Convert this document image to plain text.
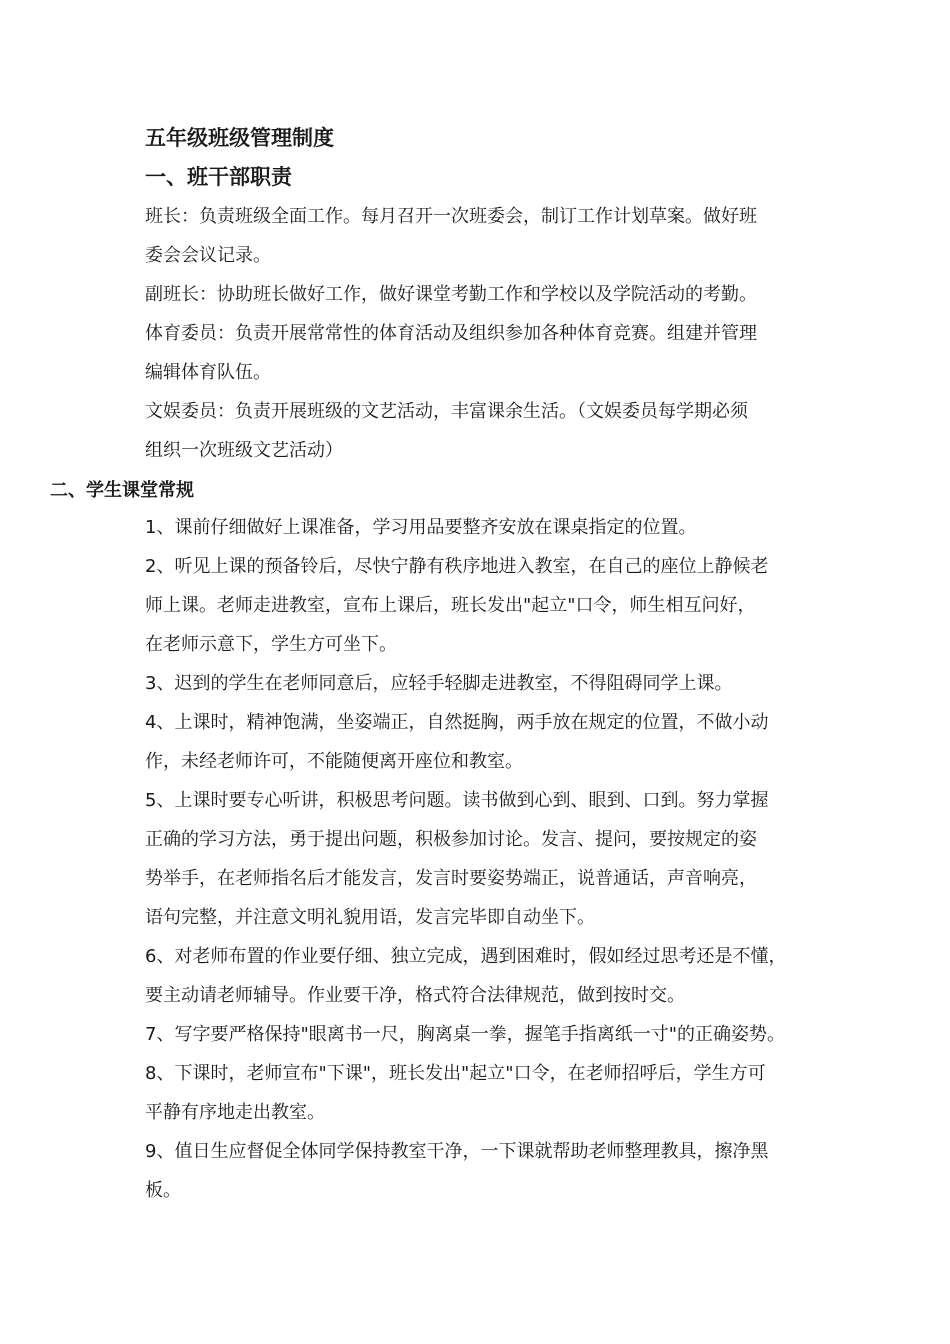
五年级班级管理制度
一、班干部职责
班长：负责班级全面工作。每月召开一次班委会，制订工作计划草案。做好班
委会会议记录。
副班长：协助班长做好工作，做好课堂考勤工作和学校以及学院活动的考勤。
体育委员：负责开展常常性的体育活动及组织参加各种体育竞赛。组建并管理
编辑体育队伍。
文娱委员：负责开展班级的文艺活动，丰富课余生活。（文娱委员每学期必须
组织一次班级文艺活动）
二、学生课堂常规
1、课前仔细做好上课准备，学习用品要整齐安放在课桌指定的位置。
2、听见上课的预备铃后，尽快宁静有秩序地进入教室，在自己的座位上静候老
师上课。老师走进教室，宣布上课后，班长发出"起立"口令，师生相互问好，
在老师示意下，学生方可坐下。
3、迟到的学生在老师同意后，应轻手轻脚走进教室，不得阻碍同学上课。
4、上课时，精神饱满，坐姿端正，自然挺胸，两手放在规定的位置，不做小动
作，未经老师许可，不能随便离开座位和教室。
5、上课时要专心听讲，积极思考问题。读书做到心到、眼到、口到。努力掌握
正确的学习方法，勇于提出问题，积极参加讨论。发言、提问，要按规定的姿
势举手，在老师指名后才能发言，发言时要姿势端正，说普通话，声音响亮，
语句完整，并注意文明礼貌用语，发言完毕即自动坐下。
6、对老师布置的作业要仔细、独立完成，遇到困难时，假如经过思考还是不懂，
要主动请老师辅导。作业要干净，格式符合法律规范，做到按时交。
7、写字要严格保持"眼离书一尺，胸离桌一拳，握笔手指离纸一寸"的正确姿势。
8、下课时，老师宣布"下课"，班长发出"起立"口令，在老师招呼后，学生方可
平静有序地走出教室。
9、值日生应督促全体同学保持教室干净，一下课就帮助老师整理教具，擦净黑
板。
